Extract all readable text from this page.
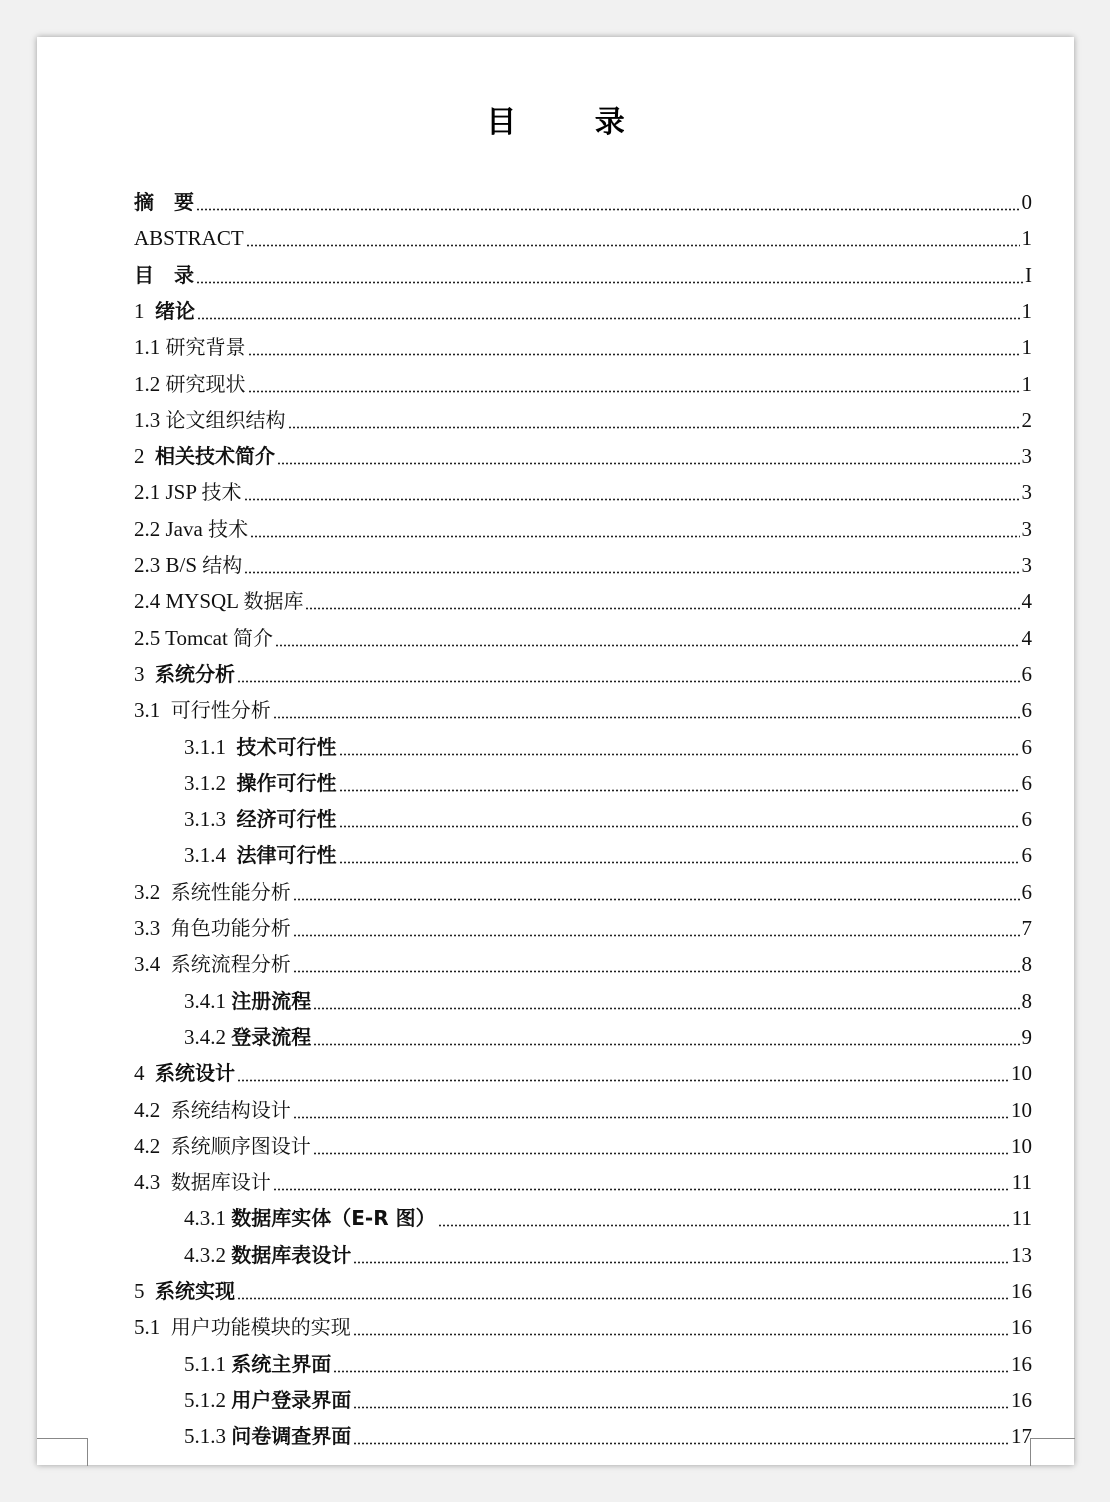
目 录
摘　要	0
ABSTRACT	1
目　录	I
1  绪论	1
1.1 研究背景	1
1.2 研究现状	1
1.3 论文组织结构	2
2  相关技术简介	3
2.1 JSP 技术	3
2.2 Java 技术	3
2.3 B/S 结构	3
2.4 MYSQL 数据库	4
2.5 Tomcat 简介	4
3  系统分析	6
3.1  可行性分析	6
3.1.1  技术可行性	6
3.1.2  操作可行性	6
3.1.3  经济可行性	6
3.1.4  法律可行性	6
3.2  系统性能分析	6
3.3  角色功能分析	7
3.4  系统流程分析	8
3.4.1 注册流程	8
3.4.2 登录流程	9
4  系统设计	10
4.2  系统结构设计	10
4.2  系统顺序图设计	10
4.3  数据库设计	11
4.3.1 数据库实体（E-R 图）	11
4.3.2 数据库表设计	13
5  系统实现	16
5.1  用户功能模块的实现	16
5.1.1 系统主界面	16
5.1.2 用户登录界面	16
5.1.3 问卷调查界面	17
